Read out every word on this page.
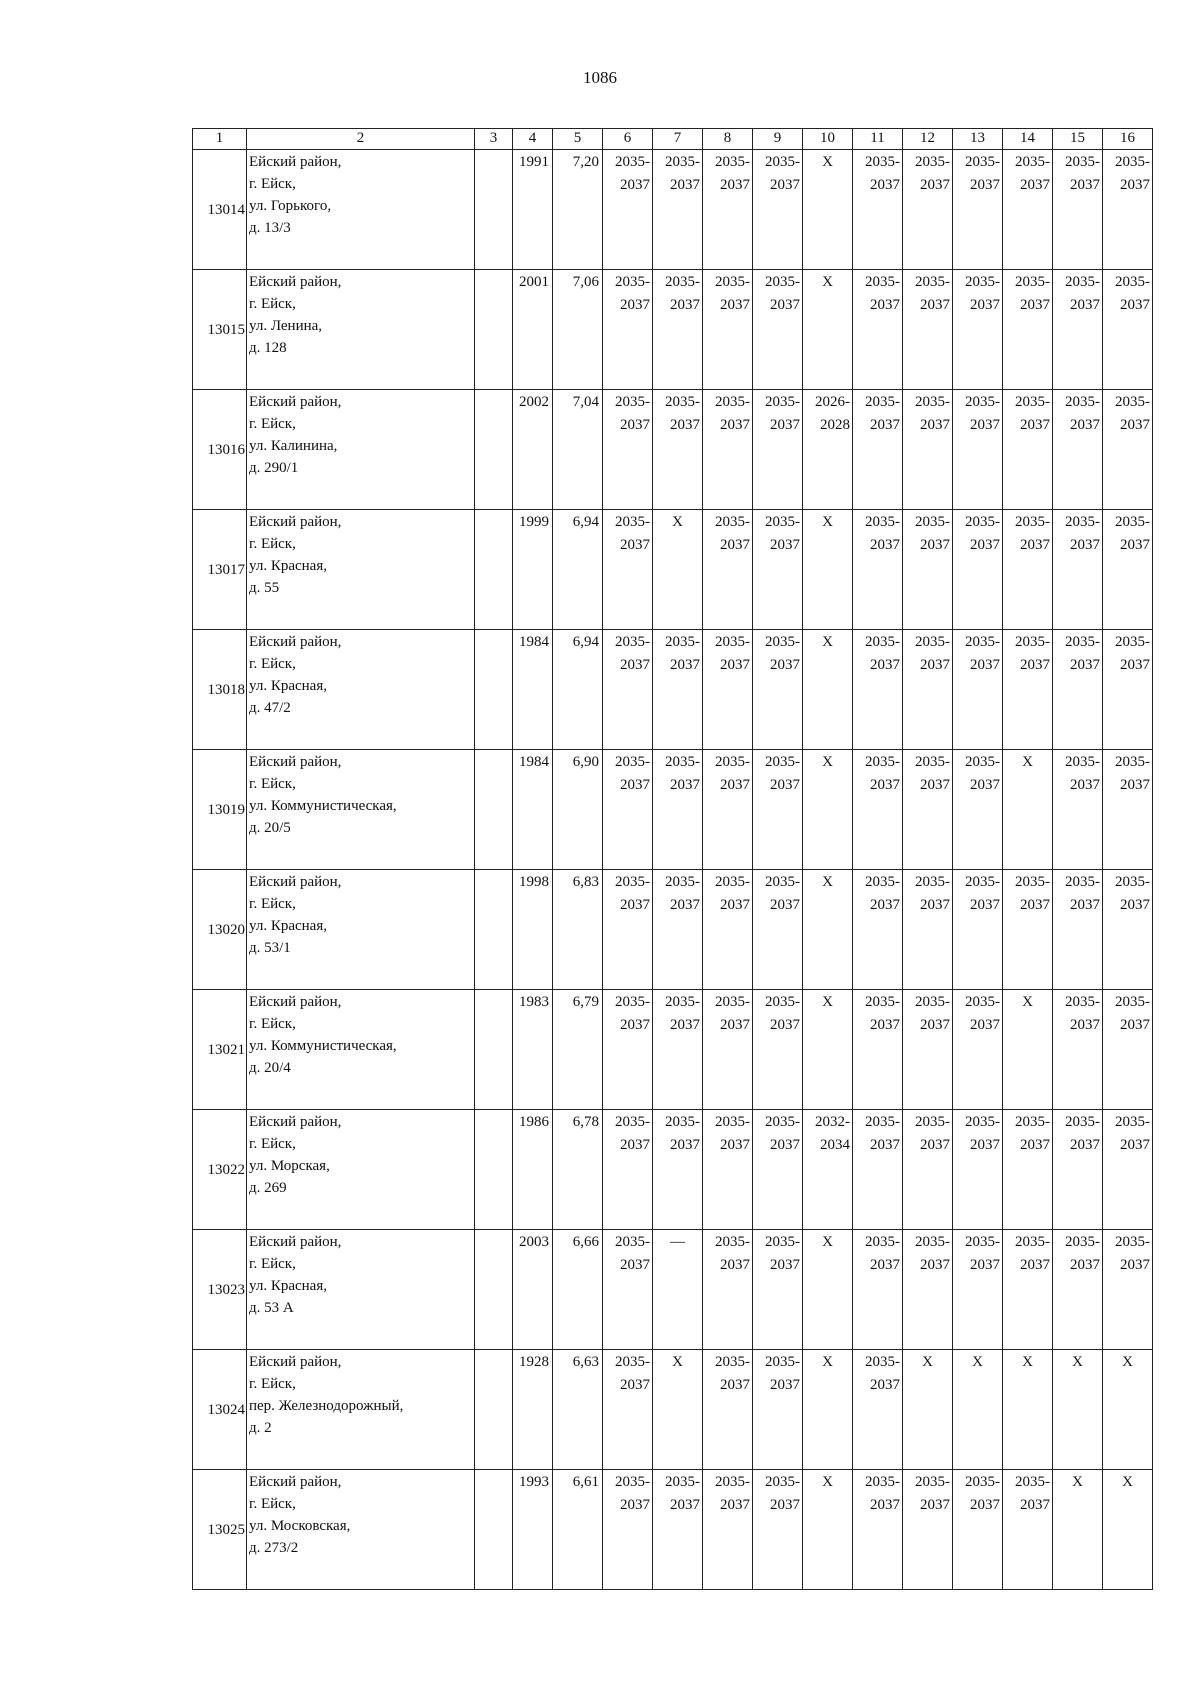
1086
1	2	3	4	5	6	7	8	9	10	11	12	13	14	15	16
13014	Ейский район,
г. Ейск,
ул. Горького,
д. 13/3		1991	7,20	2035-
2037	2035-
2037	2035-
2037	2035-
2037	X	2035-
2037	2035-
2037	2035-
2037	2035-
2037	2035-
2037	2035-
2037

13015	Ейский район,
г. Ейск,
ул. Ленина,
д. 128		2001	7,06	2035-
2037	2035-
2037	2035-
2037	2035-
2037	X	2035-
2037	2035-
2037	2035-
2037	2035-
2037	2035-
2037	2035-
2037

13016	Ейский район,
г. Ейск,
ул. Калинина,
д. 290/1		2002	7,04	2035-
2037	2035-
2037	2035-
2037	2035-
2037	2026-
2028	2035-
2037	2035-
2037	2035-
2037	2035-
2037	2035-
2037	2035-
2037

13017	Ейский район,
г. Ейск,
ул. Красная,
д. 55		1999	6,94	2035-
2037	X	2035-
2037	2035-
2037	X	2035-
2037	2035-
2037	2035-
2037	2035-
2037	2035-
2037	2035-
2037

13018	Ейский район,
г. Ейск,
ул. Красная,
д. 47/2		1984	6,94	2035-
2037	2035-
2037	2035-
2037	2035-
2037	X	2035-
2037	2035-
2037	2035-
2037	2035-
2037	2035-
2037	2035-
2037

13019	Ейский район,
г. Ейск,
ул. Коммунистическая,
д. 20/5		1984	6,90	2035-
2037	2035-
2037	2035-
2037	2035-
2037	X	2035-
2037	2035-
2037	2035-
2037	X	2035-
2037	2035-
2037

13020	Ейский район,
г. Ейск,
ул. Красная,
д. 53/1		1998	6,83	2035-
2037	2035-
2037	2035-
2037	2035-
2037	X	2035-
2037	2035-
2037	2035-
2037	2035-
2037	2035-
2037	2035-
2037

13021	Ейский район,
г. Ейск,
ул. Коммунистическая,
д. 20/4		1983	6,79	2035-
2037	2035-
2037	2035-
2037	2035-
2037	X	2035-
2037	2035-
2037	2035-
2037	X	2035-
2037	2035-
2037

13022	Ейский район,
г. Ейск,
ул. Морская,
д. 269		1986	6,78	2035-
2037	2035-
2037	2035-
2037	2035-
2037	2032-
2034	2035-
2037	2035-
2037	2035-
2037	2035-
2037	2035-
2037	2035-
2037

13023	Ейский район,
г. Ейск,
ул. Красная,
д. 53 А		2003	6,66	2035-
2037	—	2035-
2037	2035-
2037	X	2035-
2037	2035-
2037	2035-
2037	2035-
2037	2035-
2037	2035-
2037

13024	Ейский район,
г. Ейск,
пер. Железнодорожный,
д. 2		1928	6,63	2035-
2037	X	2035-
2037	2035-
2037	X	2035-
2037	X	X	X	X	X
13025	Ейский район,
г. Ейск,
ул. Московская,
д. 273/2		1993	6,61	2035-
2037	2035-
2037	2035-
2037	2035-
2037	X	2035-
2037	2035-
2037	2035-
2037	2035-
2037	X	X
